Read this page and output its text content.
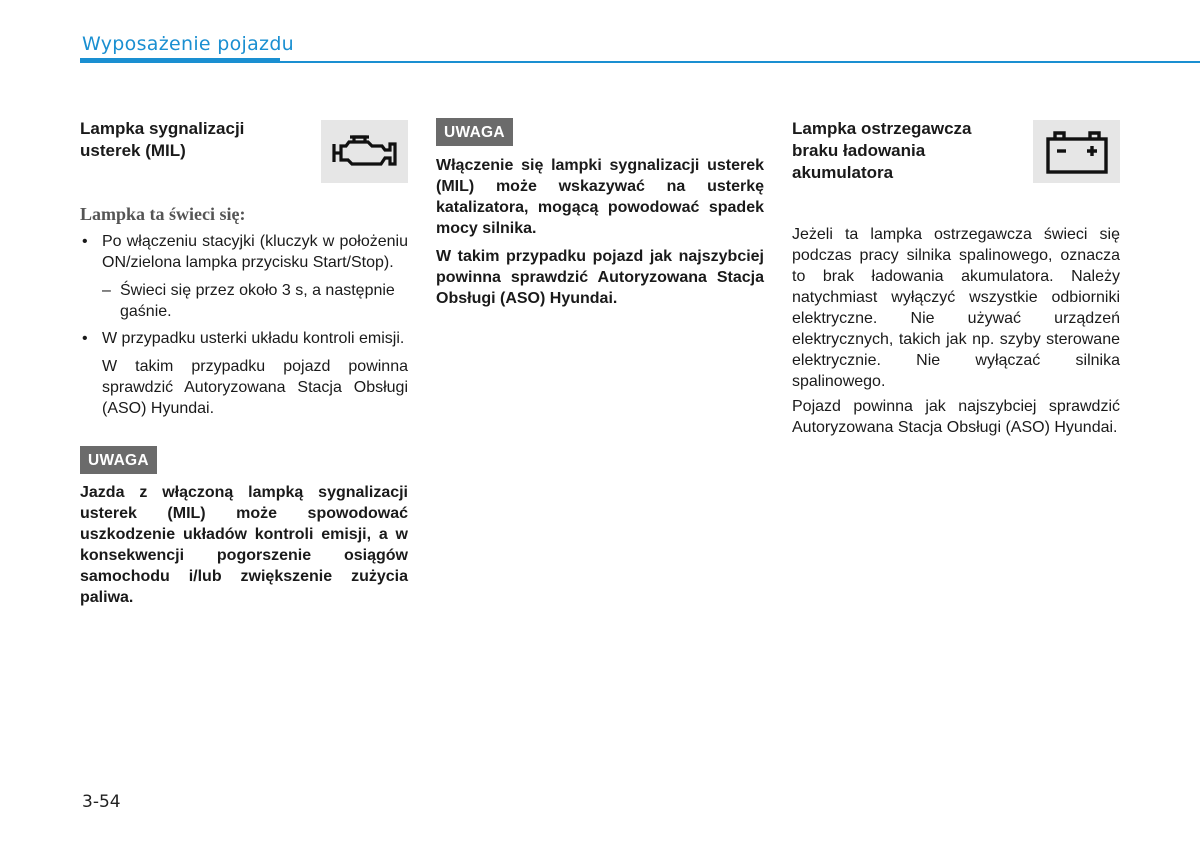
Wyposażenie pojazdu
Lampka sygnalizacji usterek (MIL)
Lampka ta świeci się:
• Po włączeniu stacyjki (kluczyk w położeniu ON/zielona lampka przycisku Start/Stop).
– Świeci się przez około 3 s, a następnie gaśnie.
• W przypadku usterki układu kontroli emisji.
W takim przypadku pojazd powinna sprawdzić Autoryzowana Stacja Obsługi (ASO) Hyundai.
UWAGA
Jazda z włączoną lampką sygnalizacji usterek (MIL) może spowodować uszkodzenie układów kontroli emisji, a w konsekwencji pogorszenie osiągów samochodu i/lub zwiększenie zużycia paliwa.
UWAGA
Włączenie się lampki sygnalizacji usterek (MIL) może wskazywać na usterkę katalizatora, mogącą powodować spadek mocy silnika.
W takim przypadku pojazd jak najszybciej powinna sprawdzić Autoryzowana Stacja Obsługi (ASO) Hyundai.
Lampka ostrzegawcza braku ładowania akumulatora
Jeżeli ta lampka ostrzegawcza świeci się podczas pracy silnika spalinowego, oznacza to brak ładowania akumulatora. Należy natychmiast wyłączyć wszystkie odbiorniki elektryczne. Nie używać urządzeń elektrycznych, takich jak np. szyby sterowane elektrycznie. Nie wyłączać silnika spalinowego.
Pojazd powinna jak najszybciej sprawdzić Autoryzowana Stacja Obsługi (ASO) Hyundai.
3-54
